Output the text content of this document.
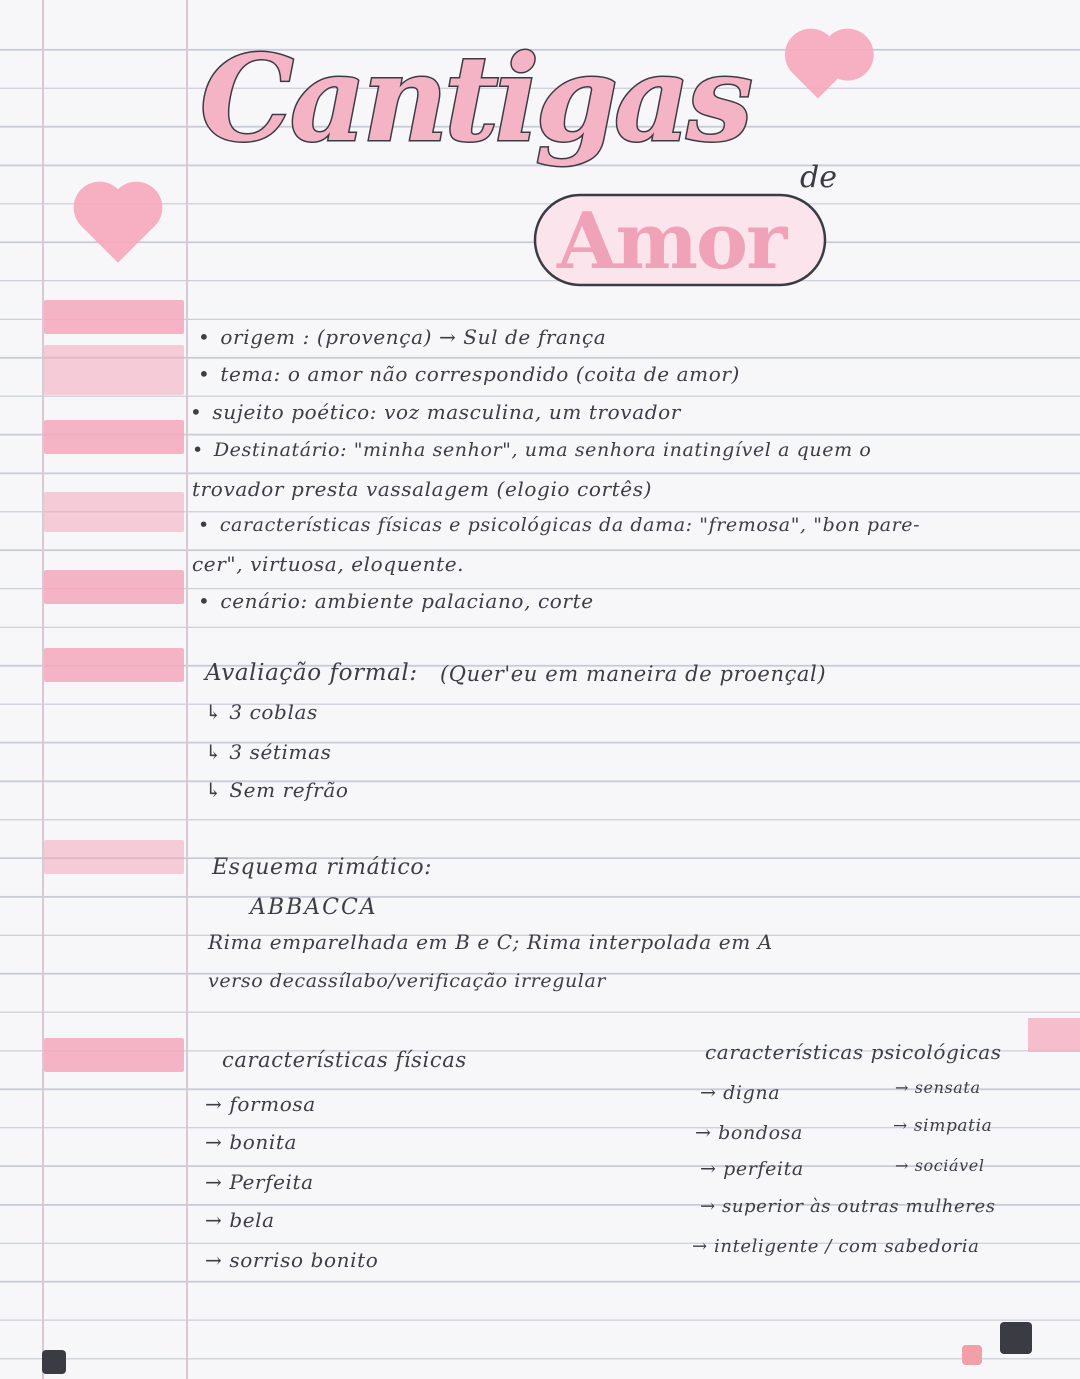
Cantigas
de
Amor
• origem : (provença) → Sul de frança
• tema: o amor não correspondido (coita de amor)
• sujeito poético: voz masculina, um trovador
• Destinatário: "minha senhor", uma senhora inatingível a quem o
trovador presta vassalagem (elogio cortês)
• características físicas e psicológicas da dama: "fremosa", "bon pare-
cer", virtuosa, eloquente.
• cenário: ambiente palaciano, corte
Avaliação formal: (Quer'eu em maneira de proençal)
↳ 3 coblas
↳ 3 sétimas
↳ Sem refrão
Esquema rimático:
ABBACCA
Rima emparelhada em B e C; Rima interpolada em A
verso decassílabo/verificação irregular
características físicas
→ formosa
→ bonita
→ Perfeita
→ bela
→ sorriso bonito
características psicológicas
→ digna
→ bondosa
→ perfeita
→ superior às outras mulheres
→ inteligente / com sabedoria
→ sensata
→ simpatia
→ sociável
